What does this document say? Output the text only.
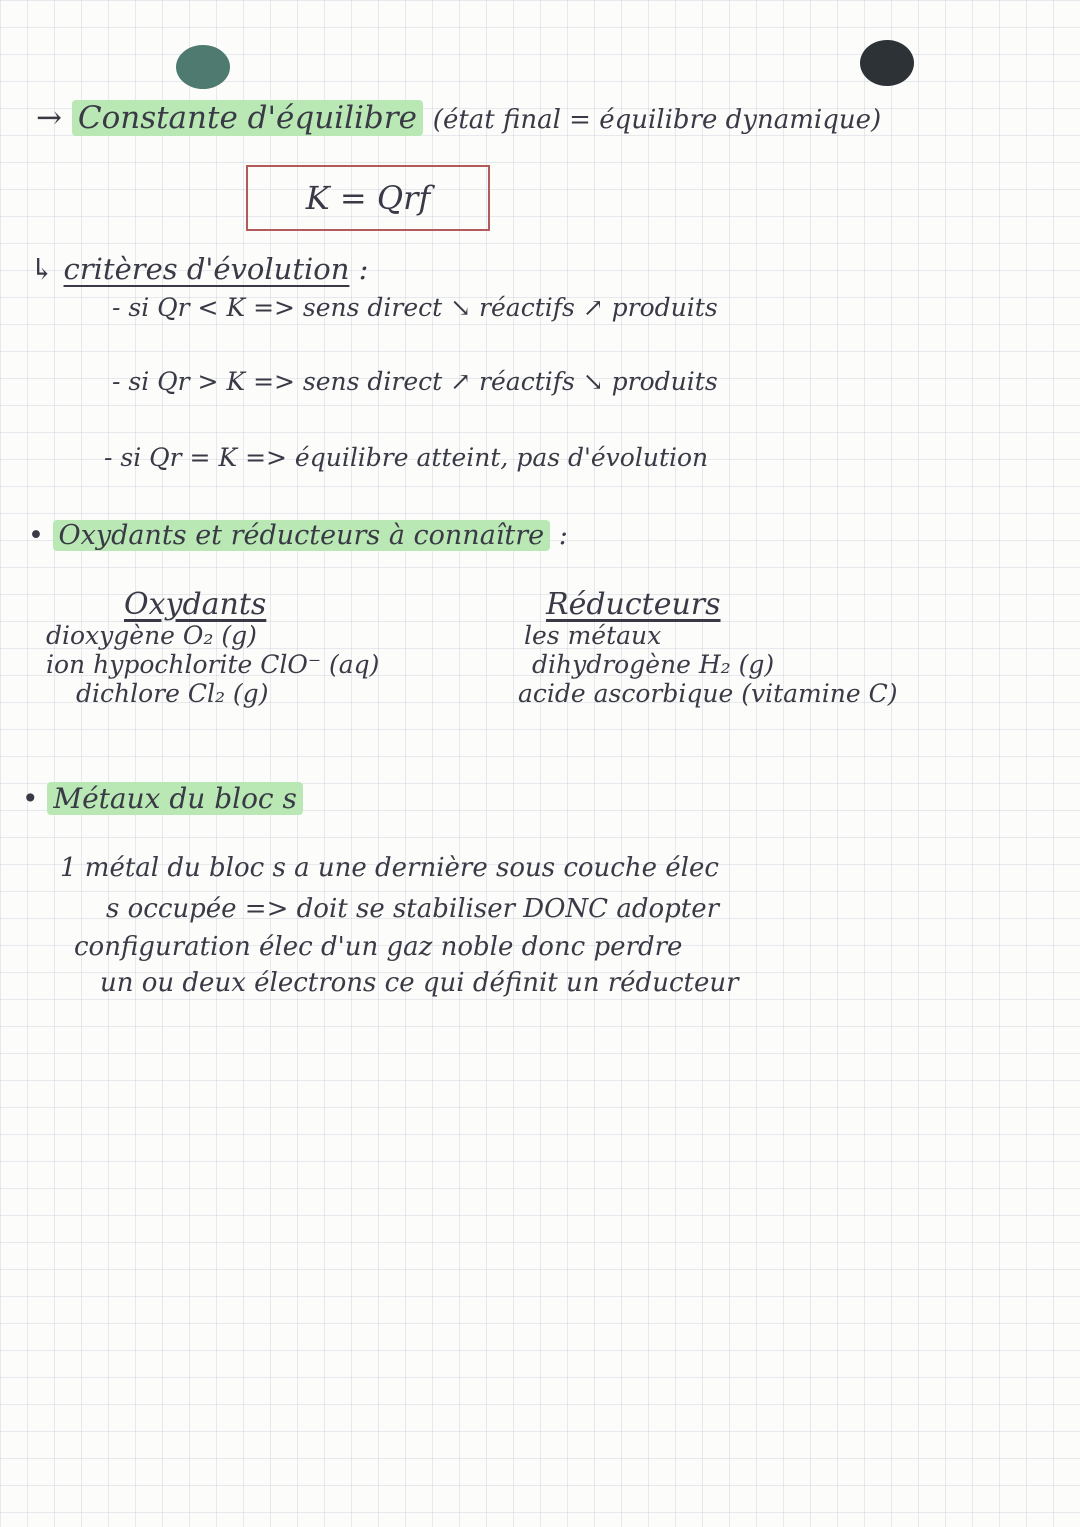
→ Constante d'équilibre (état final = équilibre dynamique)
K = Qrf
↳ critères d'évolution :
- si Qr < K => sens direct ↘ réactifs ↗ produits
- si Qr > K => sens direct ↗ réactifs ↘ produits
- si Qr = K => équilibre atteint, pas d'évolution
• Oxydants et réducteurs à connaître :
Oxydants
dioxygène O₂ (g)
ion hypochlorite ClO⁻ (aq)
dichlore Cl₂ (g)
Réducteurs
les métaux
dihydrogène H₂ (g)
acide ascorbique (vitamine C)
• Métaux du bloc s
1 métal du bloc s a une dernière sous couche élec
s occupée => doit se stabiliser DONC adopter
configuration élec d'un gaz noble donc perdre
un ou deux électrons ce qui définit un réducteur
